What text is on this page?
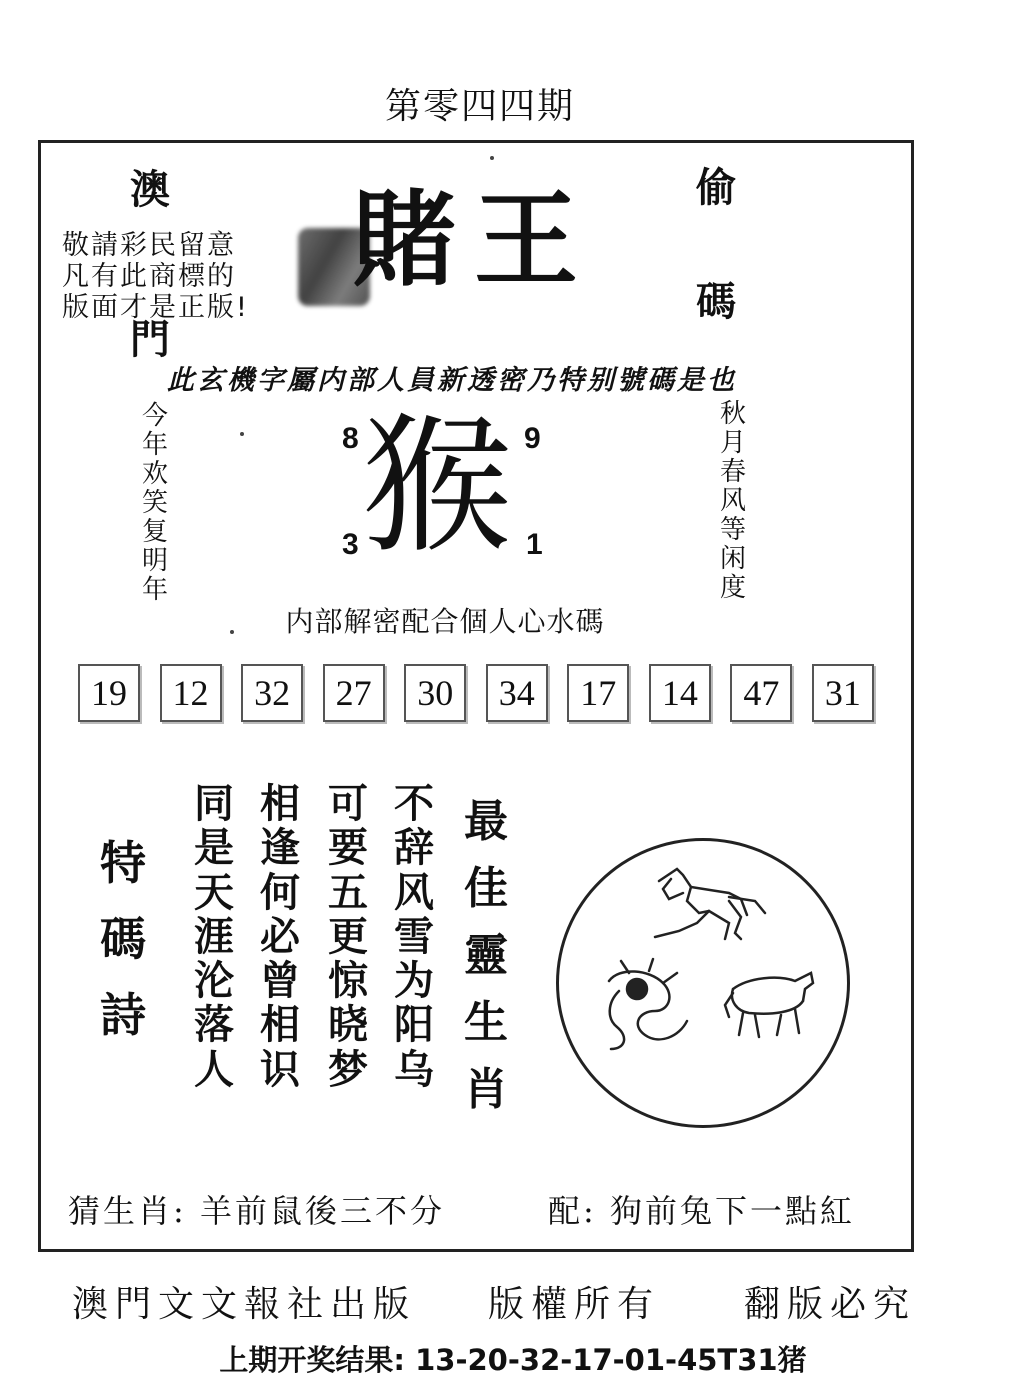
第零四四期
澳
門
偷
碼
敬請彩民留意
凡有此商標的
版面才是正版!
賭王
此玄機字屬内部人員新透密乃特别號碼是也
今
年
欢
笑
复
明
年
秋
月
春
风
等
闲
度
猴
8	9
3	1
内部解密配合個人心水碼
19	12	32	27	30	34	17	14	47	31
特
碼
詩
同
是
天
涯
沦
落
人
相
逢
何
必
曾
相
识
可
要
五
更
惊
晓
梦
不
辞
风
雪
为
阳
乌
最
佳
靈
生
肖
猜生肖: 羊前鼠後三不分	配: 狗前兔下一點紅
澳門文文報社出版 版權所有 翻版必究
上期开奖结果: 13-20-32-17-01-45T31猪
